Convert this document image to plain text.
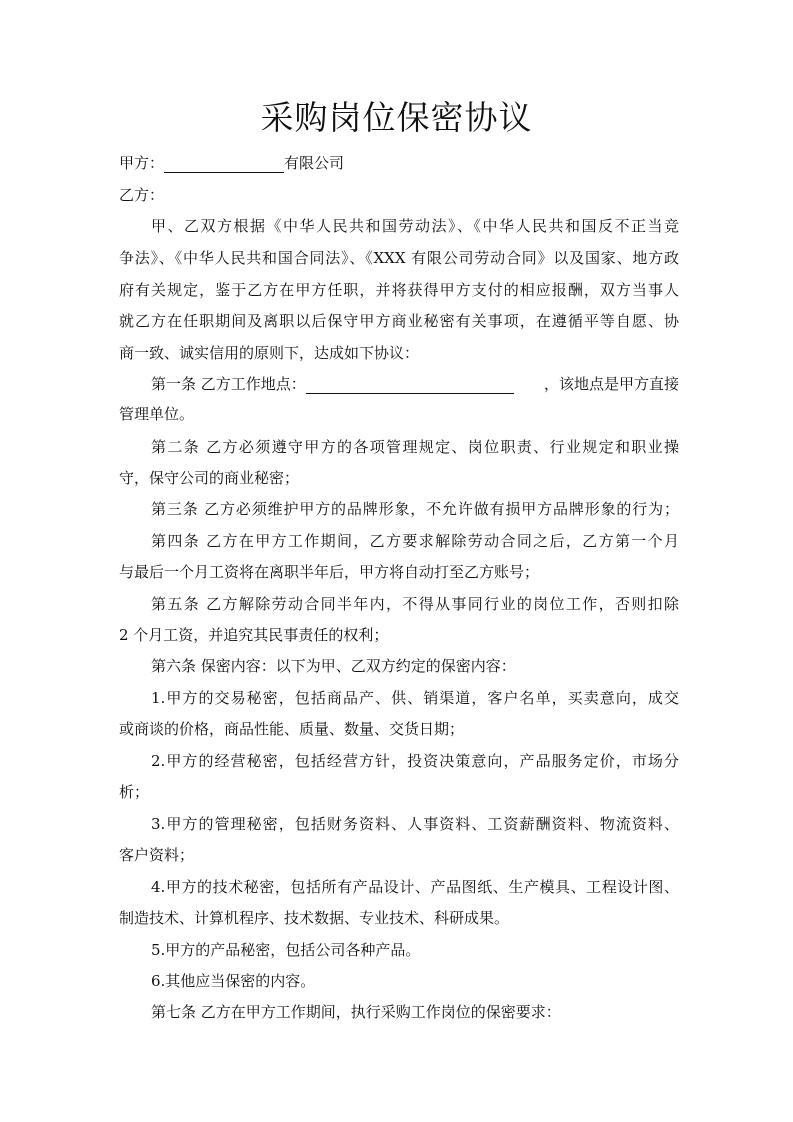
采购岗位保密协议
甲方：	有限公司
乙方：
甲、乙双方根据《中华人民共和国劳动法》、《中华人民共和国反不正当竞
争法》、《中华人民共和国合同法》、《XXX 有限公司劳动合同》以及国家、地方政
府有关规定，鉴于乙方在甲方任职，并将获得甲方支付的相应报酬，双方当事人
就乙方在任职期间及离职以后保守甲方商业秘密有关事项，在遵循平等自愿、协
商一致、诚实信用的原则下，达成如下协议：
第一条 乙方工作地点：	，该地点是甲方直接
管理单位。
第二条 乙方必须遵守甲方的各项管理规定、岗位职责、行业规定和职业操
守，保守公司的商业秘密；
第三条 乙方必须维护甲方的品牌形象，不允许做有损甲方品牌形象的行为；
第四条 乙方在甲方工作期间，乙方要求解除劳动合同之后，乙方第一个月
与最后一个月工资将在离职半年后，甲方将自动打至乙方账号；
第五条 乙方解除劳动合同半年内，不得从事同行业的岗位工作，否则扣除
2 个月工资，并追究其民事责任的权利；
第六条 保密内容：以下为甲、乙双方约定的保密内容：
1.甲方的交易秘密，包括商品产、供、销渠道，客户名单，买卖意向，成交
或商谈的价格，商品性能、质量、数量、交货日期；
2.甲方的经营秘密，包括经营方针，投资决策意向，产品服务定价，市场分
析；
3.甲方的管理秘密，包括财务资料、人事资料、工资薪酬资料、物流资料、
客户资料；
4.甲方的技术秘密，包括所有产品设计、产品图纸、生产模具、工程设计图、
制造技术、计算机程序、技术数据、专业技术、科研成果。
5.甲方的产品秘密，包括公司各种产品。
6.其他应当保密的内容。
第七条 乙方在甲方工作期间，执行采购工作岗位的保密要求：
